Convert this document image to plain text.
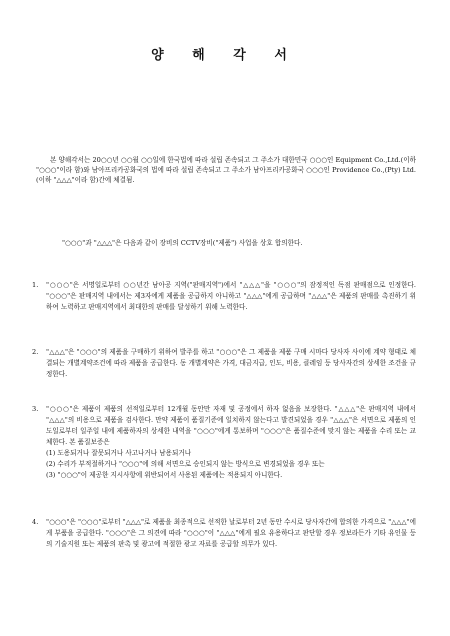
양 해 각 서
본 양해각서는 20○○년 ○○월 ○○일에 한국법에 따라 설립 존속되고 그 주소가 대한민국 ○○○인 Equipment Co.,Ltd.(이하 "○○○"이라 함)와 남아프리카공화국의 법에 따라 설립 존속되고 그 주소가 남아프리카공화국 ○○○인 Providence Co.,(Pty) Ltd.(이하 "△△△"이라 함)간에 체결됨.
"○○○"과 "△△△"은 다음과 같이 장비의 CCTV장비("제품") 사업을 상호 합의한다.
1.	"○○○"은 서명일로부터 ○○년간 남아공 지역("판매지역")에서 "△△△"을 "○○○"의 잠정적인 독점 판매점으로 인정한다. "○○○"은 판매지역 내에서는 제3자에게 제품을 공급하지 아니하고 "△△△"에게 공급하며 "△△△"은 제품의 판매를 촉진하기 위하여 노력하고 판매지역에서 최대한의 판매를 달성하기 위해 노력한다.
2.	"△△△"은 "○○○"의 제품을 구매하기 위하여 발주를 하고 "○○○"은 그 제품을 제품 구매 시마다 당사자 사이에 계약 형태로 체결되는 개별계약조건에 따라 제품을 공급한다. 동 개별계약은 가격, 대금지급, 인도, 비용, 클레임 등 당사자간의 상세한 조건을 규정한다.
3.	"○○○"은 제품이 제품의 선적일로부터 12개월 동안만 자재 및 공정에서 하자 없음을 보장한다. "△△△"은 판매지역 내에서 "△△△"의 비용으로 제품을 검사한다. 만약 제품이 품질기준에 일치하지 않는다고 발견되었을 경우 "△△△"은 서면으로 제품의 인도일로부터 일주일 내에 제품하자의 상세한 내역을 "○○○"에게 통보하며 "○○○"은 품질수준에 맞지 않는 제품을 수리 또는 교체한다. 본 품질보증은
(1) 도용되거나 잘못되거나 사고나거나 남용되거나
(2) 수리가 부적절하거나 "○○○"에 의해 서면으로 승인되지 않는 방식으로 변경되었을 경우 또는
(3) "○○○"이 제공한 지시사항에 위반되어서 사용된 제품에는 적용되지 아니한다.
4.	"○○○"은 "○○○"로부터 "△△△"로 제품을 최종적으로 선적한 날로부터 2년 동안 수시로 당사자간에 합의한 가격으로 "△△△"에게 부품을 공급한다. "○○○"은 그 의견에 따라 "○○○"이 "△△△"에게 필요 유용하다고 판단할 경우 정보라든가 기타 유인물 등의 기술지원 또는 제품의 판촉 및 광고에 적절한 광고 자료를 공급할 의무가 있다.
